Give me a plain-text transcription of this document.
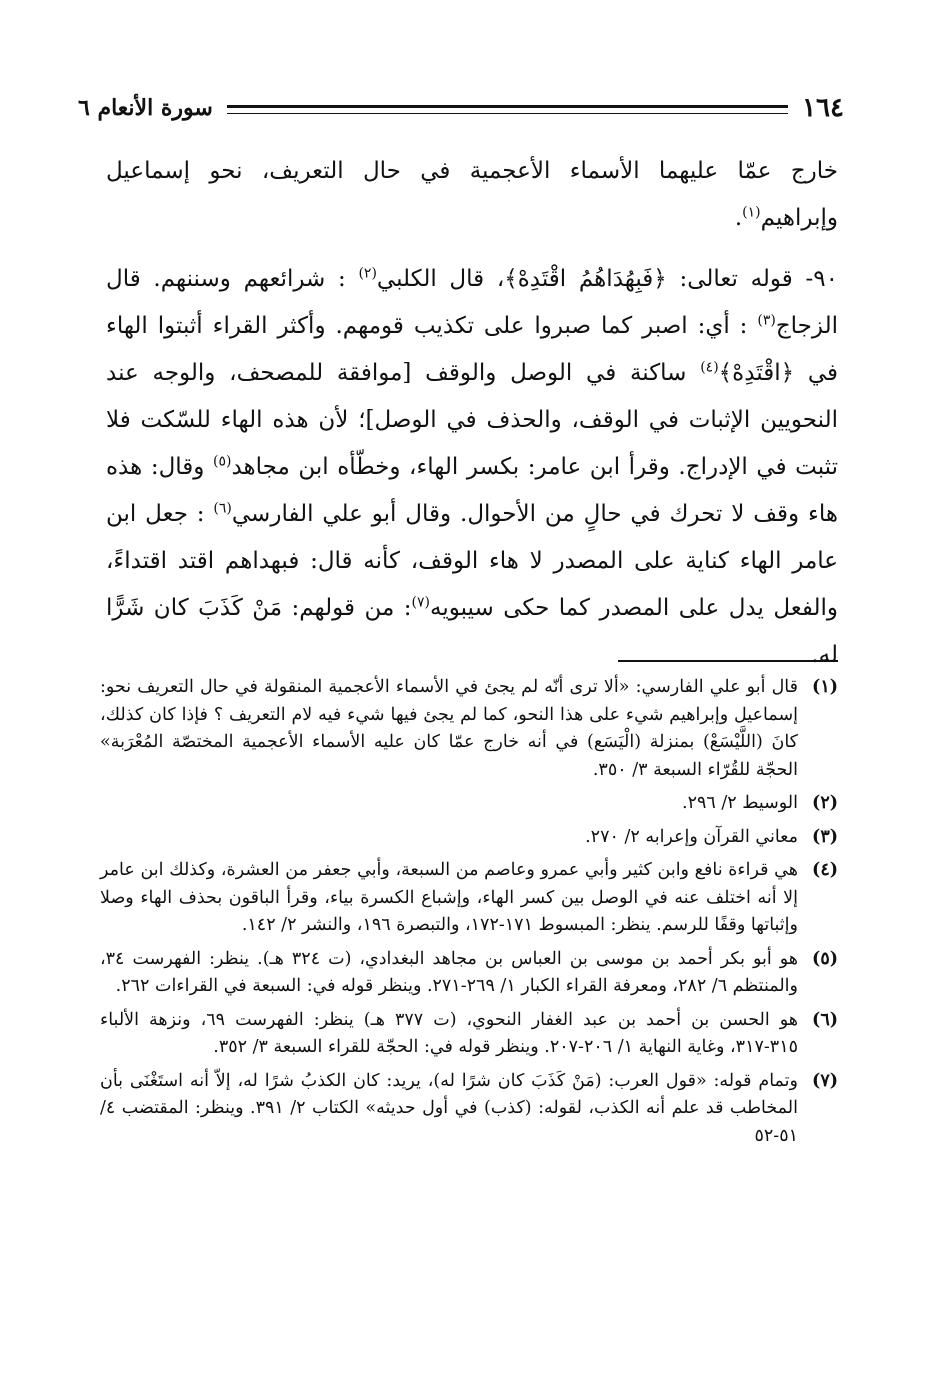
١٦٤
سورة الأنعام ٦

خارج عمّا عليهما الأسماء الأعجمية في حال التعريف، نحو إسماعيل وإبراهيم$^{(١)}$.

٩٠- قوله تعالى: ﴿فَبِهُدَاهُمُ اقْتَدِهْ﴾، قال الكلبي$^{(٢)}$ : شرائعهم وسننهم. قال الزجاج$^{(٣)}$ : أي: اصبر كما صبروا على تكذيب قومهم. وأكثر القراء أثبتوا الهاء في ﴿اقْتَدِهْ﴾$^{(٤)}$ ساكنة في الوصل والوقف [موافقة للمصحف، والوجه عند النحويين الإثبات في الوقف، والحذف في الوصل]؛ لأن هذه الهاء للسّكت فلا تثبت في الإدراج. وقرأ ابن عامر: بكسر الهاء، وخطّأه ابن مجاهد$^{(٥)}$ وقال: هذه هاء وقف لا تحرك في حالٍ من الأحوال. وقال أبو علي الفارسي$^{(٦)}$ : جعل ابن عامر الهاء كناية على المصدر لا هاء الوقف، كأنه قال: فبهداهم اقتد اقتداءً، والفعل يدل على المصدر كما حكى سيبويه$^{(٧)}$: من قولهم: مَنْ كَذَبَ كان شَرًّا له.

(١)
قال أبو علي الفارسي: «ألا ترى أنّه لم يجئ في الأسماء الأعجمية المنقولة في حال التعريف نحو: إسماعيل وإبراهيم شيء على هذا النحو، كما لم يجئ فيها شيء فيه لام التعريف ؟ فإذا كان كذلك، كانَ (اللَّيْسَعْ) بمنزلة (الْيَسَع) في أنه خارج عمّا كان عليه الأسماء الأعجمية المختصّة المُعْرَبة» الحجّة للقُرّاء السبعة ٣/ ٣٥٠.
(٢)
الوسيط ٢/ ٢٩٦.
(٣)
معاني القرآن وإعرابه ٢/ ٢٧٠.
(٤)
هي قراءة نافع وابن كثير وأبي عمرو وعاصم من السبعة، وأبي جعفر من العشرة، وكذلك ابن عامر إلا أنه اختلف عنه في الوصل بين كسر الهاء، وإشباع الكسرة بياء، وقرأ الباقون بحذف الهاء وصلا وإثباتها وقفًا للرسم. ينظر: المبسوط ١٧١-١٧٢، والتبصرة ١٩٦، والنشر ٢/ ١٤٢.
(٥)
هو أبو بكر أحمد بن موسى بن العباس بن مجاهد البغدادي، (ت ٣٢٤ هـ). ينظر: الفهرست ٣٤، والمنتظم ٦/ ٢٨٢، ومعرفة القراء الكبار ١/ ٢٦٩-٢٧١. وينظر قوله في: السبعة في القراءات ٢٦٢.
(٦)
هو الحسن بن أحمد بن عبد الغفار النحوي، (ت ٣٧٧ هـ) ينظر: الفهرست ٦٩، ونزهة الألباء ٣١٥-٣١٧، وغاية النهاية ١/ ٢٠٦-٢٠٧. وينظر قوله في: الحجّة للقراء السبعة ٣/ ٣٥٢.
(٧)
وتمام قوله: «قول العرب: (مَنْ كَذَبَ كان شرًا له)، يريد: كان الكذبُ شرًا له، إلاّ أنه استَغْنَى بأن المخاطب قد علم أنه الكذب، لقوله: (كذب) في أول حديثه» الكتاب ٢/ ٣٩١. وينظر: المقتضب ٤/ ٥١-٥٢
